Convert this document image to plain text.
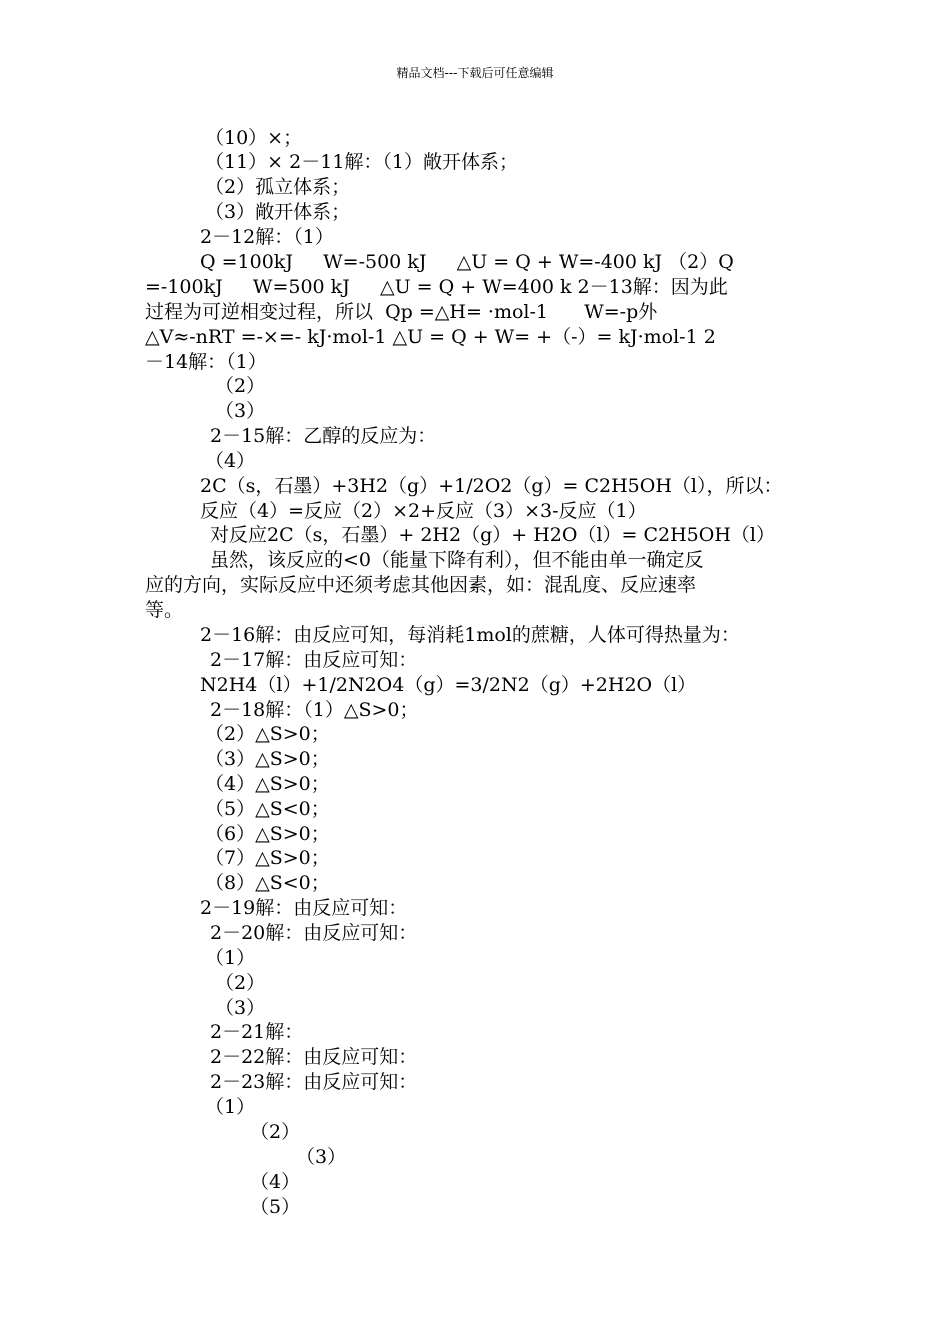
精品文档---下载后可任意编辑
（10）×；
（11）× 2－11解：（1）敞开体系；
（2）孤立体系；
（3）敞开体系；
2－12解：（1）
Q =100kJ     W=-500 kJ     △U = Q + W=-400 kJ （2）Q
=-100kJ     W=500 kJ     △U = Q + W=400 k 2－13解：因为此
过程为可逆相变过程，所以  Qp =△H= ·mol-1      W=-p外
△V≈-nRT =-×=- kJ·mol-1 △U = Q + W= +（-）= kJ·mol-1 2
－14解：（1）
（2）
（3）
2－15解：乙醇的反应为：
（4）
2C（s，石墨）+3H2（g）+1/2O2（g）= C2H5OH（l），所以：
反应（4）=反应（2）×2+反应（3）×3-反应（1）
对反应2C（s，石墨）+ 2H2（g）+ H2O（l）= C2H5OH（l）
虽然，该反应的<0（能量下降有利），但不能由单一确定反
应的方向，实际反应中还须考虑其他因素，如：混乱度、反应速率
等。
2－16解：由反应可知，每消耗1mol的蔗糖，人体可得热量为：
2－17解：由反应可知：
N2H4（l）+1/2N2O4（g）=3/2N2（g）+2H2O（l）
2－18解：（1）△S>0；
（2）△S>0；
（3）△S>0；
（4）△S>0；
（5）△S<0；
（6）△S>0；
（7）△S>0；
（8）△S<0；
2－19解：由反应可知：
2－20解：由反应可知：
（1）
（2）
（3）
2－21解：
2－22解：由反应可知：
2－23解：由反应可知：
（1）
（2）
（3）
（4）
（5）
